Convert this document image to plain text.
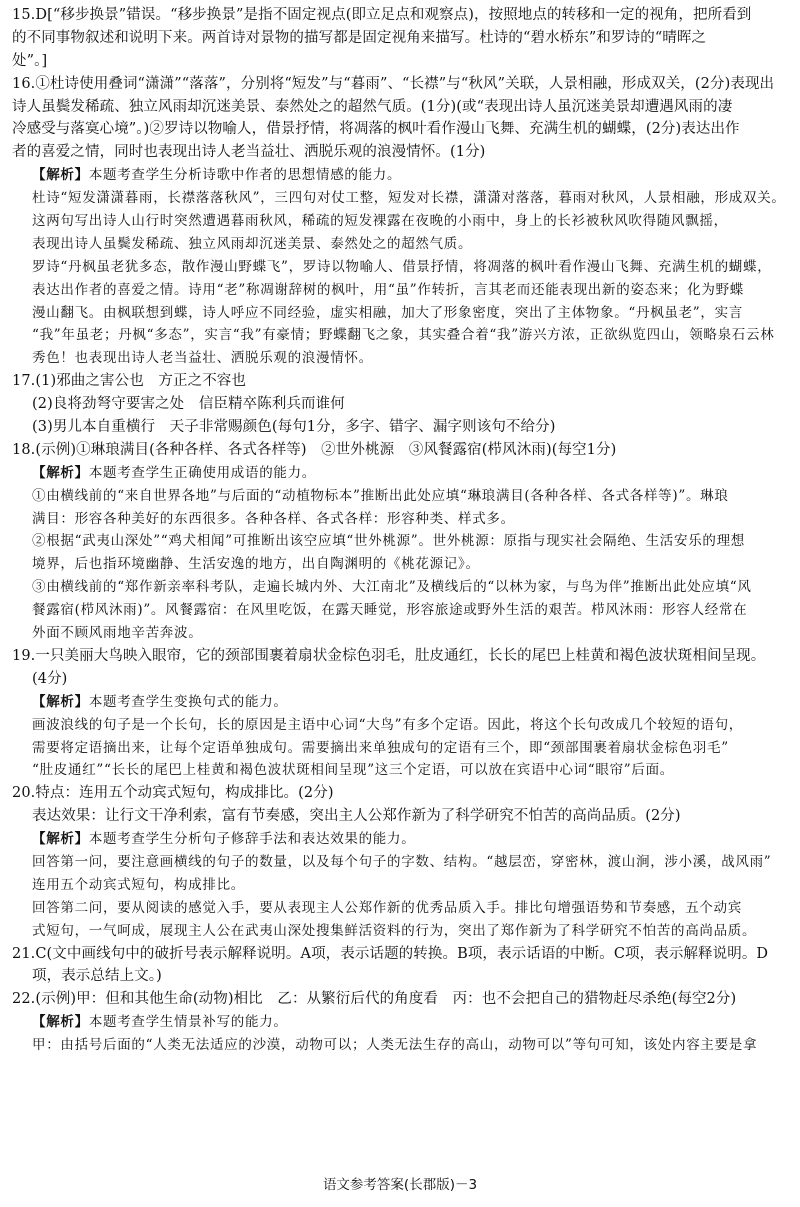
15.D[“移步换景”错误。“移步换景”是指不固定视点(即立足点和观察点)，按照地点的转移和一定的视角，把所看到
的不同事物叙述和说明下来。两首诗对景物的描写都是固定视角来描写。杜诗的“碧水桥东”和罗诗的“晴晖之
处”。]
16.①杜诗使用叠词“潇潇”“落落”，分别将“短发”与“暮雨”、“长襟”与“秋风”关联，人景相融，形成双关，(2分)表现出
诗人虽鬓发稀疏、独立风雨却沉迷美景、泰然处之的超然气质。(1分)(或“表现出诗人虽沉迷美景却遭遇风雨的凄
冷感受与落寞心境”。)②罗诗以物喻人，借景抒情，将凋落的枫叶看作漫山飞舞、充满生机的蝴蝶，(2分)表达出作
者的喜爱之情，同时也表现出诗人老当益壮、洒脱乐观的浪漫情怀。(1分)
【解析】本题考查学生分析诗歌中作者的思想情感的能力。
杜诗“短发潇潇暮雨，长襟落落秋风”，三四句对仗工整，短发对长襟，潇潇对落落，暮雨对秋风，人景相融，形成双关。
这两句写出诗人山行时突然遭遇暮雨秋风，稀疏的短发裸露在夜晚的小雨中，身上的长衫被秋风吹得随风飘摇，
表现出诗人虽鬓发稀疏、独立风雨却沉迷美景、泰然处之的超然气质。
罗诗“丹枫虽老犹多态，散作漫山野蝶飞”，罗诗以物喻人、借景抒情，将凋落的枫叶看作漫山飞舞、充满生机的蝴蝶，
表达出作者的喜爱之情。诗用“老”称凋谢辞树的枫叶，用“虽”作转折，言其老而还能表现出新的姿态来；化为野蝶
漫山翻飞。由枫联想到蝶，诗人呼应不同经验，虚实相融，加大了形象密度，突出了主体物象。“丹枫虽老”，实言
“我”年虽老；丹枫“多态”，实言“我”有豪情；野蝶翻飞之象，其实叠合着“我”游兴方浓，正欲纵览四山，领略泉石云林
秀色！也表现出诗人老当益壮、洒脱乐观的浪漫情怀。
17.(1)邪曲之害公也　方正之不容也
(2)良将劲弩守要害之处　信臣精卒陈利兵而谁何
(3)男儿本自重横行　天子非常赐颜色(每句1分，多字、错字、漏字则该句不给分)
18.(示例)①琳琅满目(各种各样、各式各样等)　②世外桃源　③风餐露宿(栉风沐雨)(每空1分)
【解析】本题考查学生正确使用成语的能力。
①由横线前的“来自世界各地”与后面的“动植物标本”推断出此处应填“琳琅满目(各种各样、各式各样等)”。琳琅
满目：形容各种美好的东西很多。各种各样、各式各样：形容种类、样式多。
②根据“武夷山深处”“鸡犬相闻”可推断出该空应填“世外桃源”。世外桃源：原指与现实社会隔绝、生活安乐的理想
境界，后也指环境幽静、生活安逸的地方，出自陶渊明的《桃花源记》。
③由横线前的“郑作新亲率科考队，走遍长城内外、大江南北”及横线后的“以林为家，与鸟为伴”推断出此处应填“风
餐露宿(栉风沐雨)”。风餐露宿：在风里吃饭，在露天睡觉，形容旅途或野外生活的艰苦。栉风沐雨：形容人经常在
外面不顾风雨地辛苦奔波。
19.一只美丽大鸟映入眼帘，它的颈部围裹着扇状金棕色羽毛，肚皮通红，长长的尾巴上桂黄和褐色波状斑相间呈现。
(4分)
【解析】本题考查学生变换句式的能力。
画波浪线的句子是一个长句，长的原因是主语中心词“大鸟”有多个定语。因此，将这个长句改成几个较短的语句，
需要将定语摘出来，让每个定语单独成句。需要摘出来单独成句的定语有三个，即“颈部围裹着扇状金棕色羽毛”
“肚皮通红”“长长的尾巴上桂黄和褐色波状斑相间呈现”这三个定语，可以放在宾语中心词“眼帘”后面。
20.特点：连用五个动宾式短句，构成排比。(2分)
表达效果：让行文干净利索，富有节奏感，突出主人公郑作新为了科学研究不怕苦的高尚品质。(2分)
【解析】本题考查学生分析句子修辞手法和表达效果的能力。
回答第一问，要注意画横线的句子的数量，以及每个句子的字数、结构。“越层峦，穿密林，渡山涧，涉小溪，战风雨”
连用五个动宾式短句，构成排比。
回答第二问，要从阅读的感觉入手，要从表现主人公郑作新的优秀品质入手。排比句增强语势和节奏感，五个动宾
式短句，一气呵成，展现主人公在武夷山深处搜集鲜活资料的行为，突出了郑作新为了科学研究不怕苦的高尚品质。
21.C(文中画线句中的破折号表示解释说明。A项，表示话题的转换。B项，表示话语的中断。C项，表示解释说明。D
项，表示总结上文。)
22.(示例)甲：但和其他生命(动物)相比　乙：从繁衍后代的角度看　丙：也不会把自己的猎物赶尽杀绝(每空2分)
【解析】本题考查学生情景补写的能力。
甲：由括号后面的“人类无法适应的沙漠，动物可以；人类无法生存的高山，动物可以”等句可知，该处内容主要是拿
语文参考答案(长郡版)－3
